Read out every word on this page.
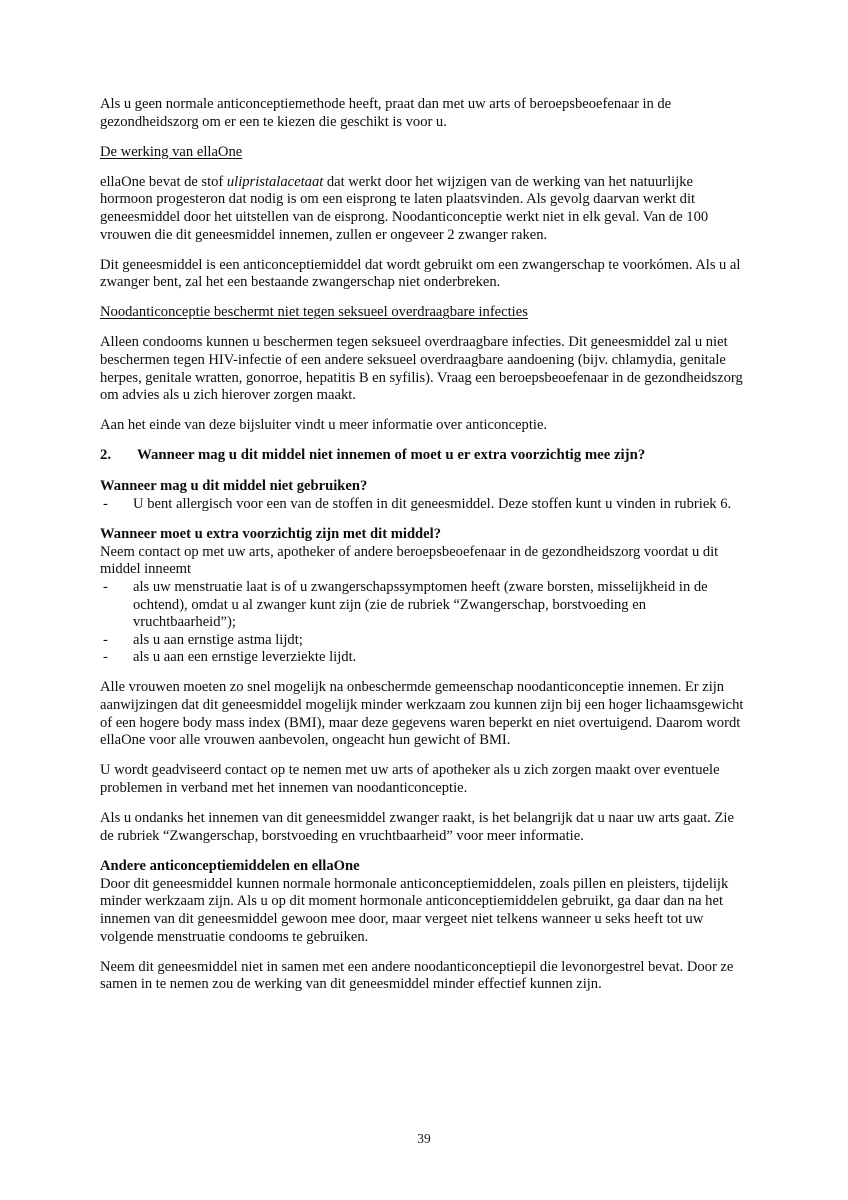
Als u geen normale anticonceptiemethode heeft, praat dan met uw arts of beroepsbeoefenaar in de gezondheidszorg om er een te kiezen die geschikt is voor u.

De werking van ellaOne

ellaOne bevat de stof ulipristalacetaat dat werkt door het wijzigen van de werking van het natuurlijke hormoon progesteron dat nodig is om een eisprong te laten plaatsvinden. Als gevolg daarvan werkt dit geneesmiddel door het uitstellen van de eisprong. Noodanticonceptie werkt niet in elk geval. Van de 100 vrouwen die dit geneesmiddel innemen, zullen er ongeveer 2 zwanger raken.

Dit geneesmiddel is een anticonceptiemiddel dat wordt gebruikt om een zwangerschap te voorkómen. Als u al zwanger bent, zal het een bestaande zwangerschap niet onderbreken.

Noodanticonceptie beschermt niet tegen seksueel overdraagbare infecties

Alleen condooms kunnen u beschermen tegen seksueel overdraagbare infecties. Dit geneesmiddel zal u niet beschermen tegen HIV-infectie of een andere seksueel overdraagbare aandoening (bijv. chlamydia, genitale herpes, genitale wratten, gonorroe, hepatitis B en syfilis). Vraag een beroepsbeoefenaar in de gezondheidszorg om advies als u zich hierover zorgen maakt.

Aan het einde van deze bijsluiter vindt u meer informatie over anticonceptie.

2.	Wanneer mag u dit middel niet innemen of moet u er extra voorzichtig mee zijn?

Wanneer mag u dit middel niet gebruiken?

-	U bent allergisch voor een van de stoffen in dit geneesmiddel. Deze stoffen kunt u vinden in rubriek 6.

Wanneer moet u extra voorzichtig zijn met dit middel?

Neem contact op met uw arts, apotheker of andere beroepsbeoefenaar in de gezondheidszorg voordat u dit middel inneemt

-	als uw menstruatie laat is of u zwangerschapssymptomen heeft (zware borsten, misselijkheid in de ochtend), omdat u al zwanger kunt zijn (zie de rubriek “Zwangerschap, borstvoeding en vruchtbaarheid”);
-	als u aan ernstige astma lijdt;
-	als u aan een ernstige leverziekte lijdt.

Alle vrouwen moeten zo snel mogelijk na onbeschermde gemeenschap noodanticonceptie innemen. Er zijn aanwijzingen dat dit geneesmiddel mogelijk minder werkzaam zou kunnen zijn bij een hoger lichaamsgewicht of een hogere body mass index (BMI), maar deze gegevens waren beperkt en niet overtuigend. Daarom wordt ellaOne voor alle vrouwen aanbevolen, ongeacht hun gewicht of BMI.

U wordt geadviseerd contact op te nemen met uw arts of apotheker als u zich zorgen maakt over eventuele problemen in verband met het innemen van noodanticonceptie.

Als u ondanks het innemen van dit geneesmiddel zwanger raakt, is het belangrijk dat u naar uw arts gaat. Zie de rubriek “Zwangerschap, borstvoeding en vruchtbaarheid” voor meer informatie.

Andere anticonceptiemiddelen en ellaOne

Door dit geneesmiddel kunnen normale hormonale anticonceptiemiddelen, zoals pillen en pleisters, tijdelijk minder werkzaam zijn. Als u op dit moment hormonale anticonceptiemiddelen gebruikt, ga daar dan na het innemen van dit geneesmiddel gewoon mee door, maar vergeet niet telkens wanneer u seks heeft tot uw volgende menstruatie condooms te gebruiken.

Neem dit geneesmiddel niet in samen met een andere noodanticonceptiepil die levonorgestrel bevat. Door ze samen in te nemen zou de werking van dit geneesmiddel minder effectief kunnen zijn.

39
